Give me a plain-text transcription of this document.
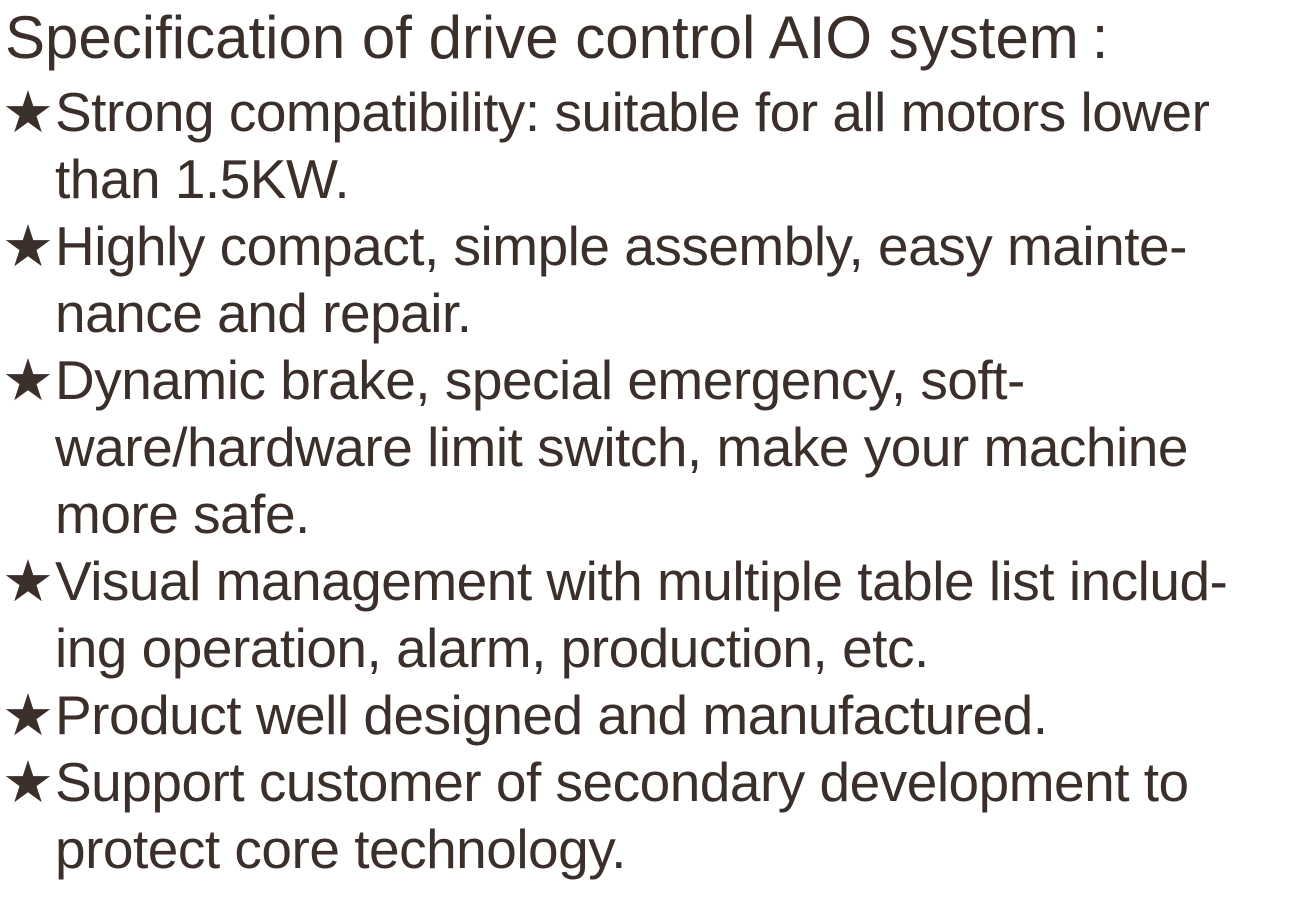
Specification of drive control AIO system :
★ Strong compatibility: suitable for all motors lower
than 1.5KW.
★ Highly compact, simple assembly, easy mainte-
nance and repair.
★ Dynamic brake, special emergency, soft-
ware/hardware limit switch, make your machine
more safe.
★ Visual management with multiple table list includ-
ing operation, alarm, production, etc.
★ Product well designed and manufactured.
★ Support customer of secondary development to
protect core technology.
